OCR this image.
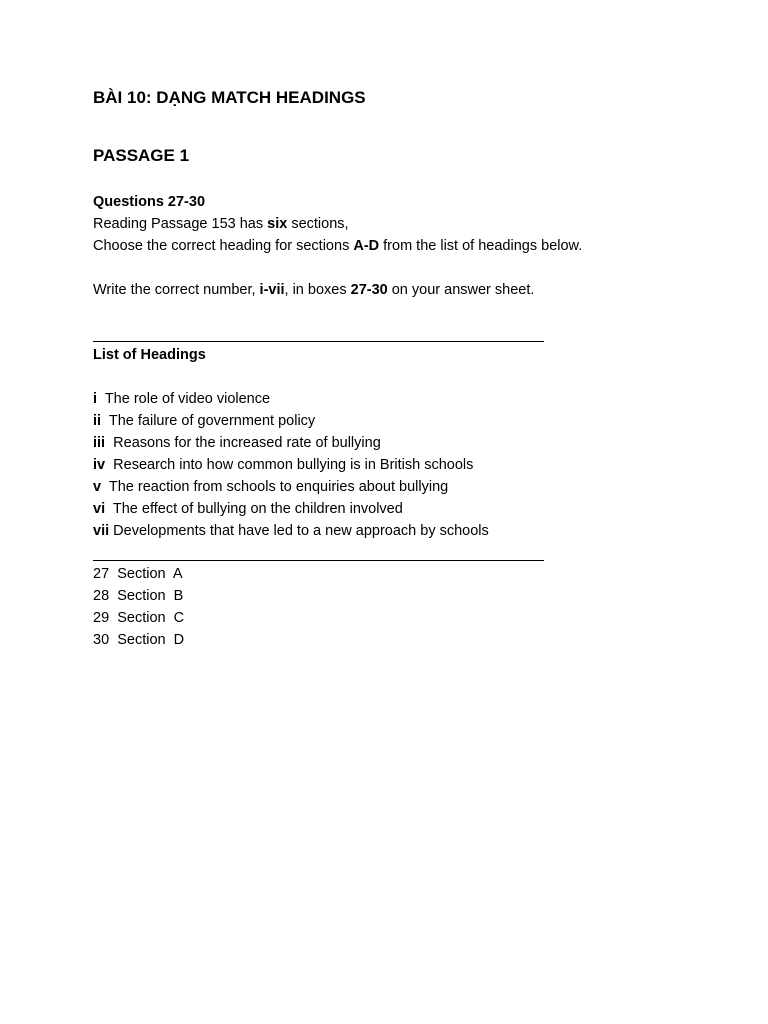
BÀI 10: DẠNG MATCH HEADINGS
PASSAGE 1

Questions 27-30

Reading Passage 153 has six sections,

Choose the correct heading for sections A-D from the list of headings below.

Write the correct number, i-vii, in boxes 27-30 on your answer sheet.

List of Headings

i The role of video violence

ii The failure of government policy

iii Reasons for the increased rate of bullying

iv Research into how common bullying is in British schools

v The reaction from schools to enquiries about bullying

vi The effect of bullying on the children involved

vii Developments that have led to a new approach by schools

27 Section  A

28 Section  B

29 Section  C

30 Section  D
